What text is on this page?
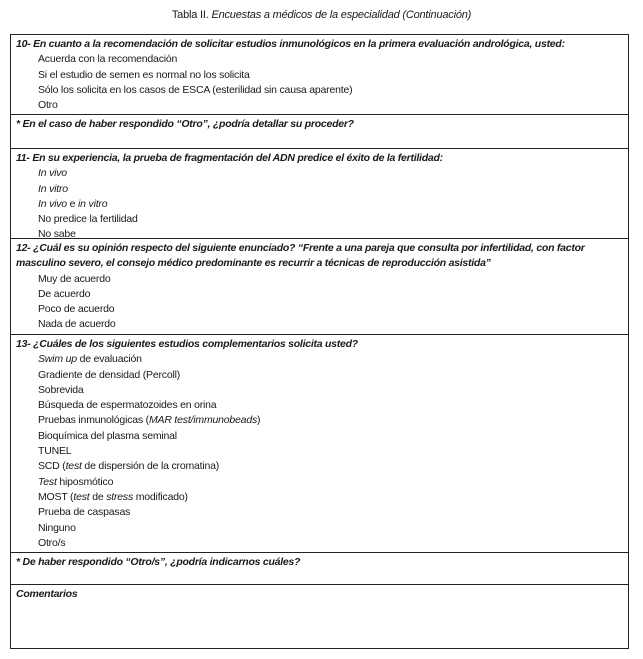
Tabla II. Encuestas a médicos de la especialidad (Continuación)
10- En cuanto a la recomendación de solicitar estudios inmunológicos en la primera evaluación andrológica, usted:
Acuerda con la recomendación
Si el estudio de semen es normal no los solicita
Sólo los solicita en los casos de ESCA (esterilidad sin causa aparente)
Otro
* En el caso de haber respondido “Otro”, ¿podría detallar su proceder?
11- En su experiencia, la prueba de fragmentación del ADN predice el éxito de la fertilidad:
In vivo
In vitro
In vivo e in vitro
No predice la fertilidad
No sabe
12- ¿Cuál es su opinión respecto del siguiente enunciado? “Frente a una pareja que consulta por infertilidad, con factor masculino severo, el consejo médico predominante es recurrir a técnicas de reproducción asistida”
Muy de acuerdo
De acuerdo
Poco de acuerdo
Nada de acuerdo
13- ¿Cuáles de los siguientes estudios complementarios solicita usted?
Swim up de evaluación
Gradiente de densidad (Percoll)
Sobrevida
Búsqueda de espermatozoides en orina
Pruebas inmunológicas (MAR test/immunobeads)
Bioquímica del plasma seminal
TUNEL
SCD (test de dispersión de la cromatina)
Test hiposmótico
MOST (test de stress modificado)
Prueba de caspasas
Ninguno
Otro/s
* De haber respondido “Otro/s”, ¿podría indicarnos cuáles?
Comentarios
